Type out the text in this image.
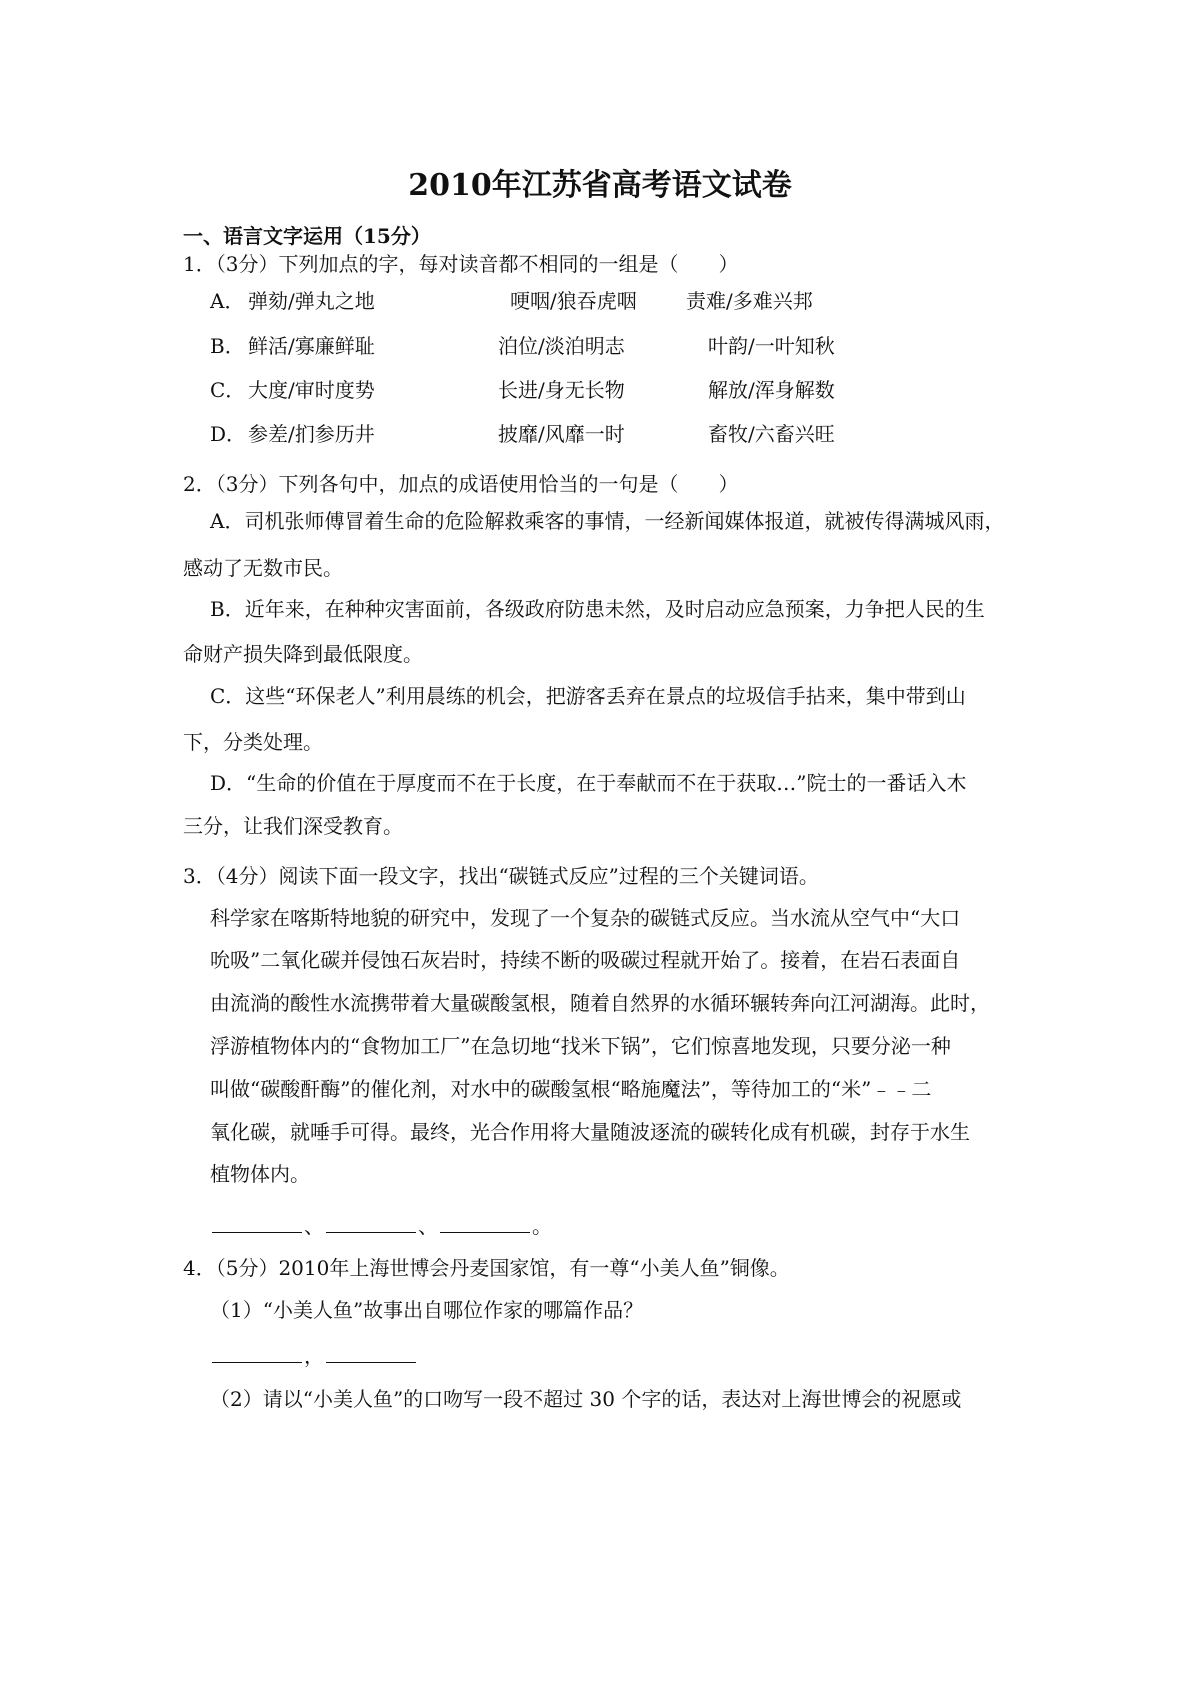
2010年江苏省高考语文试卷
一、语言文字运用（15分）
1．（3分）下列加点的字，每对读音都不相同的一组是（　　）
A． 弹劾/弹丸之地	哽咽/狼吞虎咽 责难/多难兴邦
B． 鲜活/寡廉鲜耻	泊位/淡泊明志	叶韵/一叶知秋
C． 大度/审时度势	长进/身无长物	解放/浑身解数
D． 参差/扪参历井	披靡/风靡一时	畜牧/六畜兴旺
2．（3分）下列各句中，加点的成语使用恰当的一句是（　　）
A．司机张师傅冒着生命的危险解救乘客的事情，一经新闻媒体报道，就被传得满城风雨，
感动了无数市民。
B．近年来，在种种灾害面前，各级政府防患未然，及时启动应急预案，力争把人民的生
命财产损失降到最低限度。
C．这些“环保老人”利用晨练的机会，把游客丢弃在景点的垃圾信手拈来，集中带到山
下，分类处理。
D．“生命的价值在于厚度而不在于长度，在于奉献而不在于获取…”院士的一番话入木
三分，让我们深受教育。
3．（4分）阅读下面一段文字，找出“碳链式反应”过程的三个关键词语。
科学家在喀斯特地貌的研究中，发现了一个复杂的碳链式反应。当水流从空气中“大口
吮吸”二氧化碳并侵蚀石灰岩时，持续不断的吸碳过程就开始了。接着，在岩石表面自
由流淌的酸性水流携带着大量碳酸氢根，随着自然界的水循环辗转奔向江河湖海。此时，
浮游植物体内的“食物加工厂”在急切地“找米下锅”，它们惊喜地发现，只要分泌一种
叫做“碳酸酐酶”的催化剂，对水中的碳酸氢根“略施魔法”，等待加工的“米”﹣﹣二
氧化碳，就唾手可得。最终，光合作用将大量随波逐流的碳转化成有机碳，封存于水生
植物体内。
、	、	。
4．（5分）2010年上海世博会丹麦国家馆，有一尊“小美人鱼”铜像。
（1）“小美人鱼”故事出自哪位作家的哪篇作品？
，
（2）请以“小美人鱼”的口吻写一段不超过 30 个字的话，表达对上海世博会的祝愿或
